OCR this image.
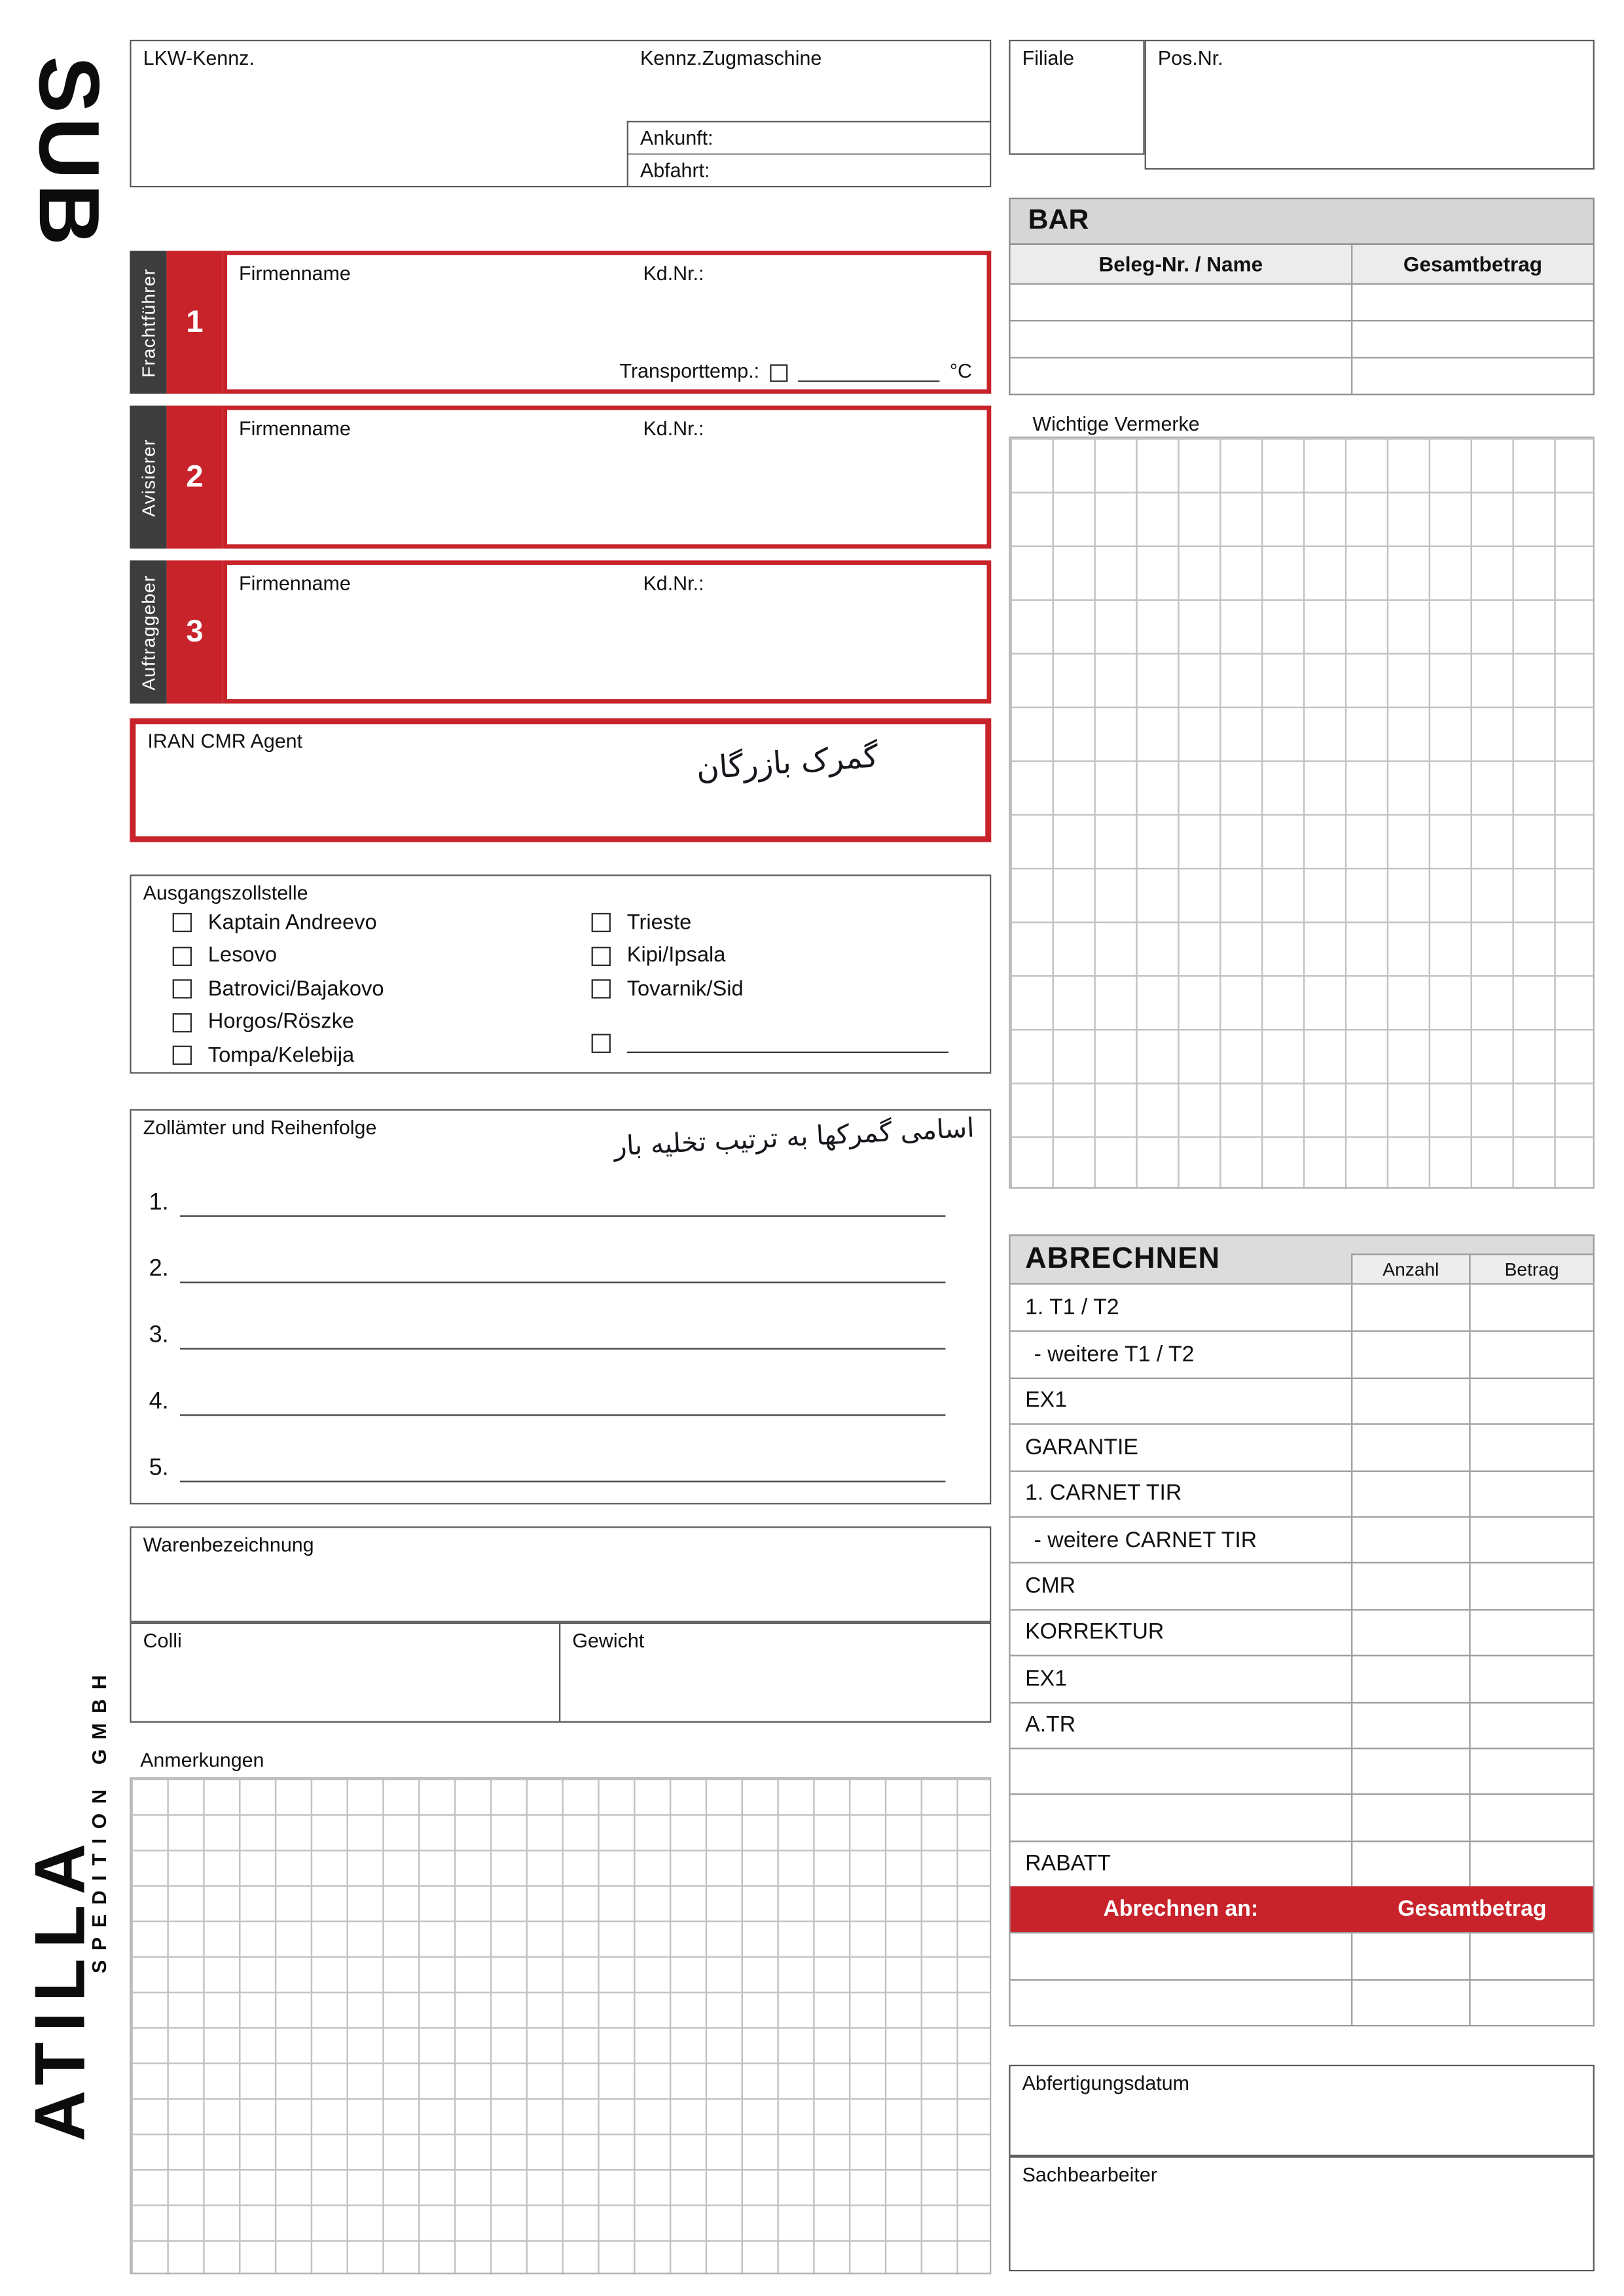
SUB
ATILLA
SPEDITION GMBH
LKW-Kennz.	Kennz.Zugmaschine
Ankunft:
Abfahrt:
Filiale	Pos.Nr.
BAR
Beleg-Nr. / Name	Gesamtbetrag
Wichtige Vermerke
Frachtführer	1
Firmenname	Kd.Nr.:
Transporttemp.:	°C
Avisierer	2
Firmenname	Kd.Nr.:
Auftraggeber	3
Firmenname	Kd.Nr.:
IRAN CMR Agent	گمرک بازرگان
Ausgangszollstelle
Kaptain Andreevo
Lesovo
Batrovici/Bajakovo
Horgos/Röszke
Tompa/Kelebija
Trieste
Kipi/Ipsala
Tovarnik/Sid
Zollämter und Reihenfolge	اسامی گمرکها به ترتیب تخلیه بار
1.
2.
3.
4.
5.
ABRECHNEN	Anzahl	Betrag
1. T1 / T2
- weitere T1 / T2
EX1
GARANTIE
1. CARNET TIR
- weitere CARNET TIR
CMR
KORREKTUR
EX1
A.TR
RABATT
Abrechnen an:	Gesamtbetrag
Warenbezeichnung
Colli	Gewicht
Anmerkungen
Abfertigungsdatum
Sachbearbeiter
